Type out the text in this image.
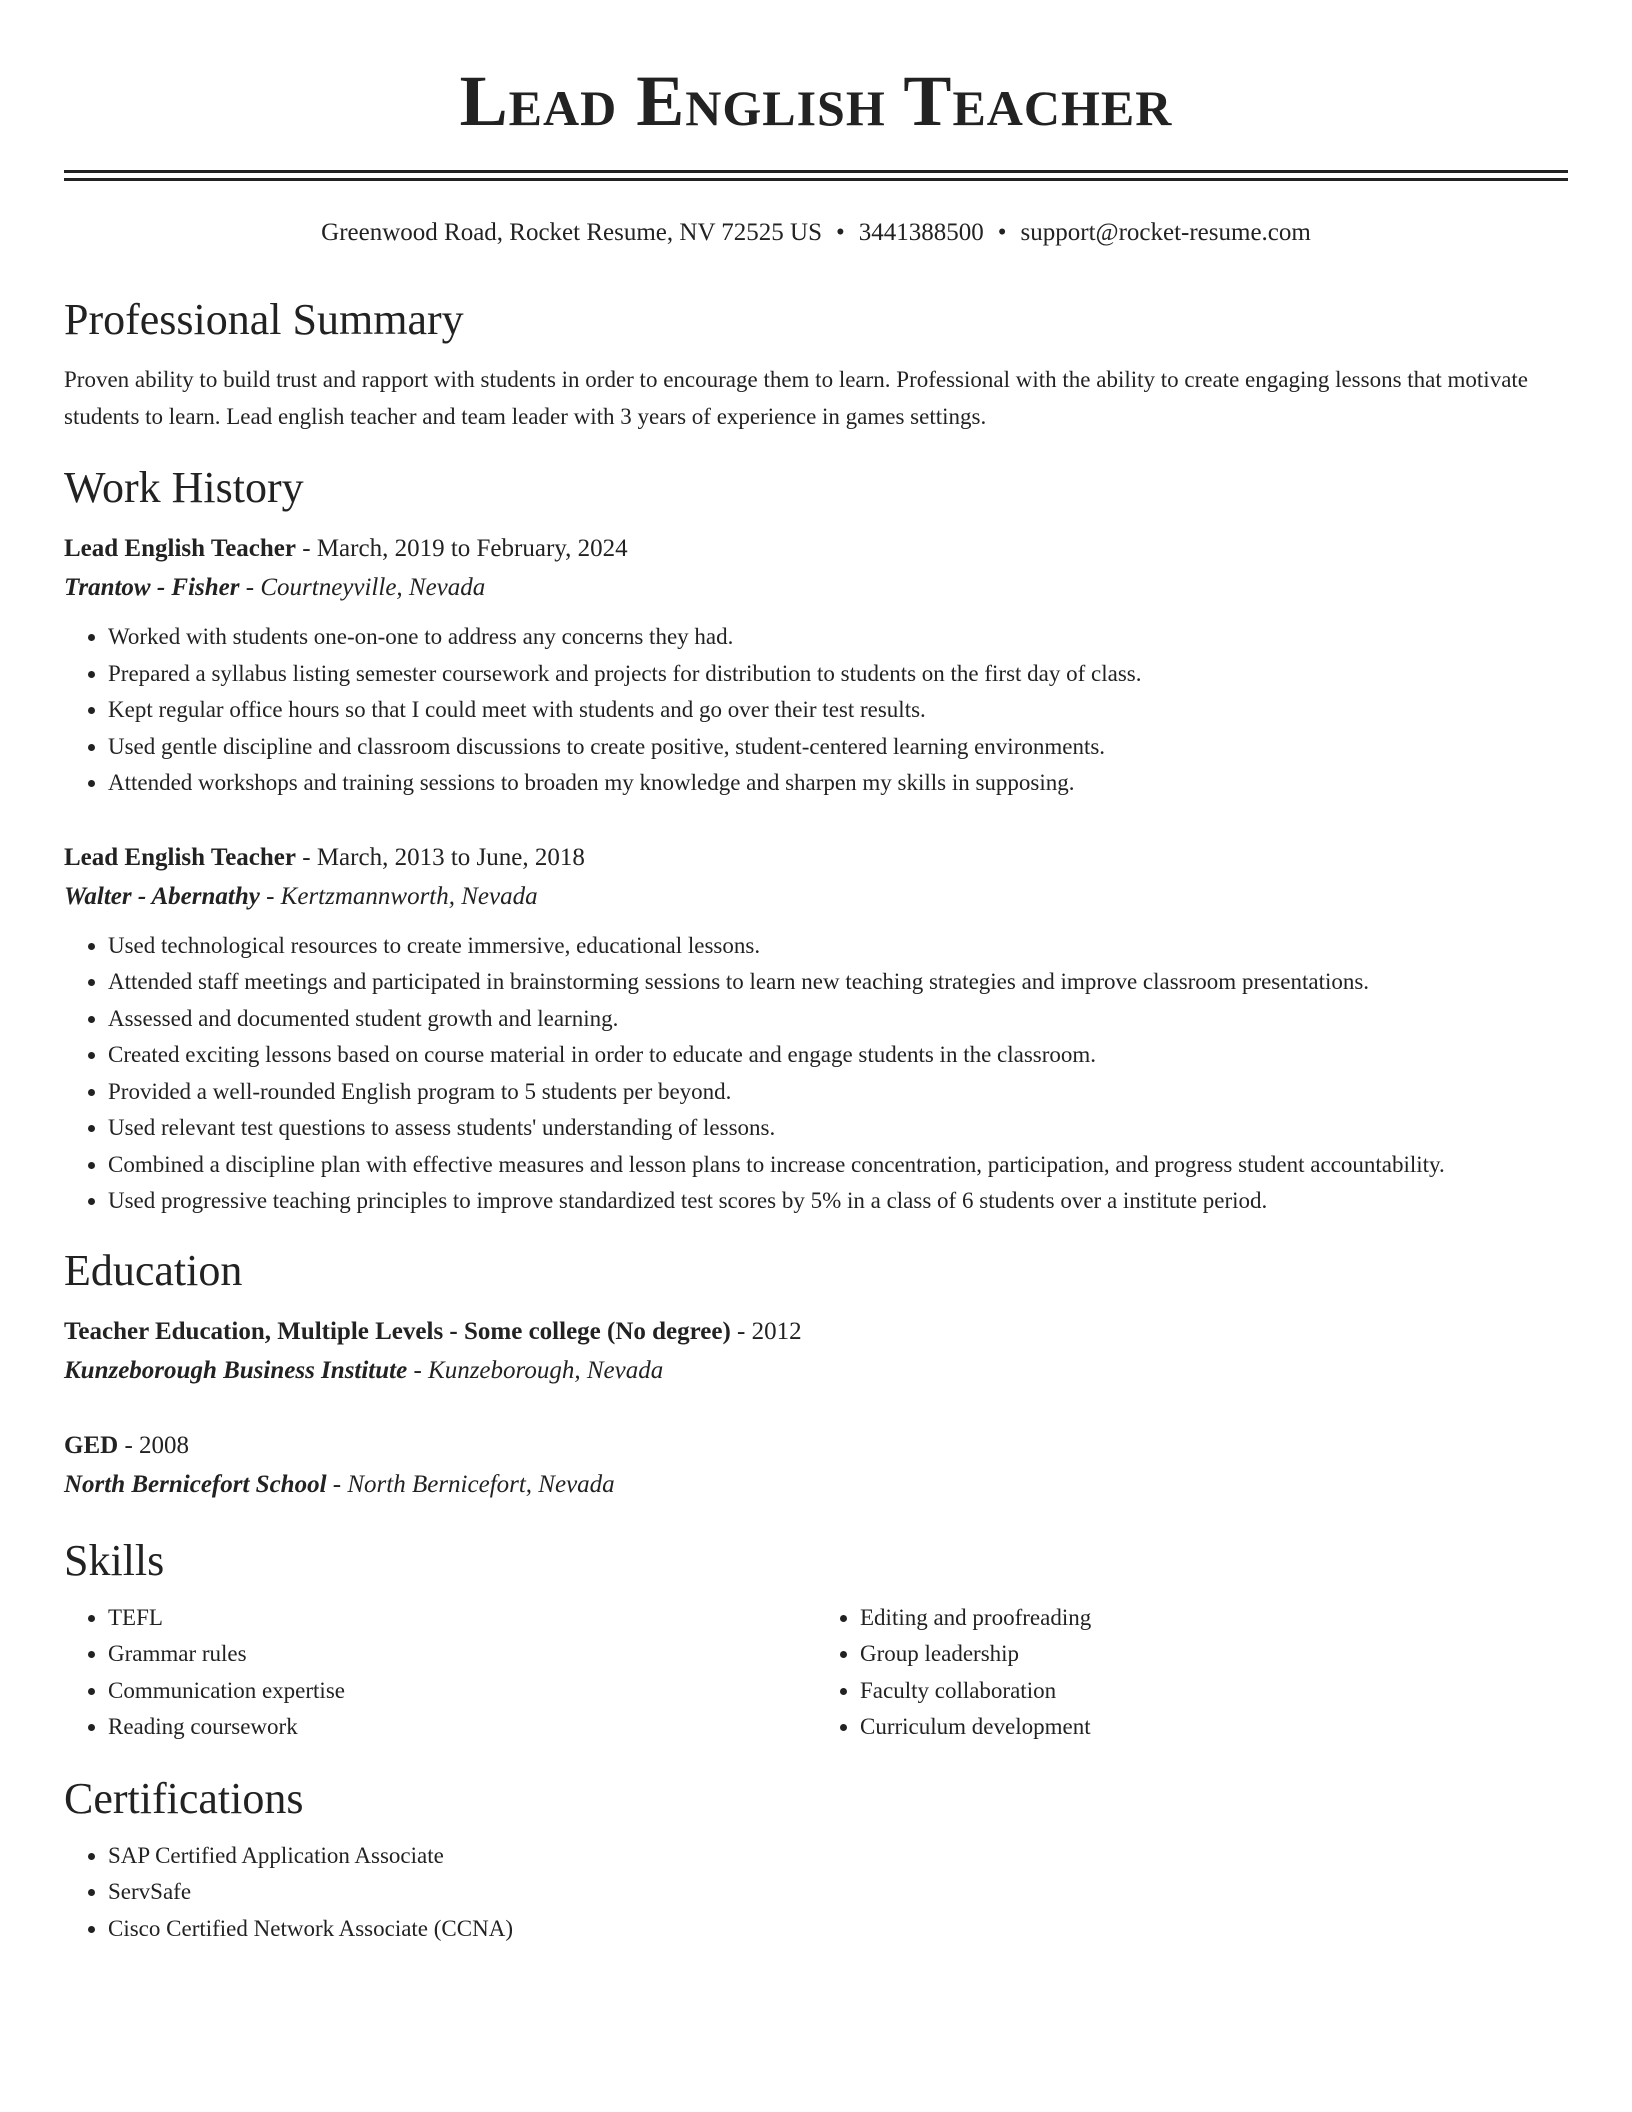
Lead English Teacher
Greenwood Road, Rocket Resume, NV 72525 US • 3441388500 • support@rocket-resume.com
Professional Summary

Proven ability to build trust and rapport with students in order to encourage them to learn. Professional with the ability to create engaging lessons that motivate students to learn. Lead english teacher and team leader with 3 years of experience in games settings.

Work History
Lead English Teacher - March, 2019 to February, 2024
Trantow - Fisher - Courtneyville, Nevada
• Worked with students one-on-one to address any concerns they had.
• Prepared a syllabus listing semester coursework and projects for distribution to students on the first day of class.
• Kept regular office hours so that I could meet with students and go over their test results.
• Used gentle discipline and classroom discussions to create positive, student-centered learning environments.
• Attended workshops and training sessions to broaden my knowledge and sharpen my skills in supposing.
Lead English Teacher - March, 2013 to June, 2018
Walter - Abernathy - Kertzmannworth, Nevada
• Used technological resources to create immersive, educational lessons.
• Attended staff meetings and participated in brainstorming sessions to learn new teaching strategies and improve classroom presentations.
• Assessed and documented student growth and learning.
• Created exciting lessons based on course material in order to educate and engage students in the classroom.
• Provided a well-rounded English program to 5 students per beyond.
• Used relevant test questions to assess students' understanding of lessons.
• Combined a discipline plan with effective measures and lesson plans to increase concentration, participation, and progress student accountability.
• Used progressive teaching principles to improve standardized test scores by 5% in a class of 6 students over a institute period.
Education
Teacher Education, Multiple Levels - Some college (No degree) - 2012
Kunzeborough Business Institute - Kunzeborough, Nevada
GED - 2008
North Bernicefort School - North Bernicefort, Nevada
Skills
• TEFL
• Grammar rules
• Communication expertise
• Reading coursework
• Editing and proofreading
• Group leadership
• Faculty collaboration
• Curriculum development
Certifications
• SAP Certified Application Associate
• ServSafe
• Cisco Certified Network Associate (CCNA)
